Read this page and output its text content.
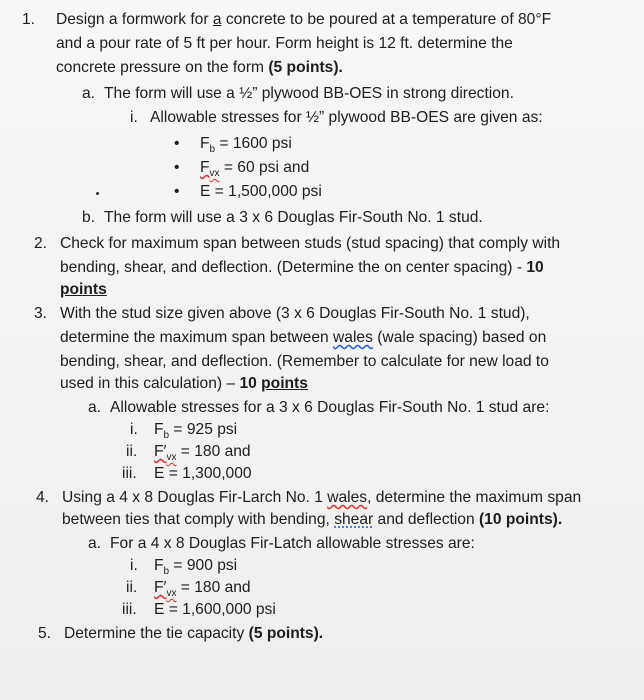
1. Design a formwork for a concrete to be poured at a temperature of 80°F
and a pour rate of 5 ft per hour. Form height is 12 ft. determine the
concrete pressure on the form (5 points).
a. The form will use a ½” plywood BB-OES in strong direction.
i. Allowable stresses for ½” plywood BB-OES are given as:
• $F_b = 1600$ psi
• $F_{vx} = 60$ psi and
• E = 1,500,000 psi
b. The form will use a 3 x 6 Douglas Fir-South No. 1 stud.
2. Check for maximum span between studs (stud spacing) that comply with
bending, shear, and deflection. (Determine the on center spacing) - 10
points
3. With the stud size given above (3 x 6 Douglas Fir-South No. 1 stud),
determine the maximum span between wales (wale spacing) based on
bending, shear, and deflection. (Remember to calculate for new load to
used in this calculation) – 10 points
a. Allowable stresses for a 3 x 6 Douglas Fir-South No. 1 stud are:
i. $F_b = 925$ psi
ii. $F'_{vx} = 180$ and
iii. E = 1,300,000
4. Using a 4 x 8 Douglas Fir-Larch No. 1 wales, determine the maximum span
between ties that comply with bending, shear and deflection (10 points).
a. For a 4 x 8 Douglas Fir-Latch allowable stresses are:
i. $F_b = 900$ psi
ii. $F'_{vx} = 180$ and
iii. E = 1,600,000 psi
5. Determine the tie capacity (5 points).
